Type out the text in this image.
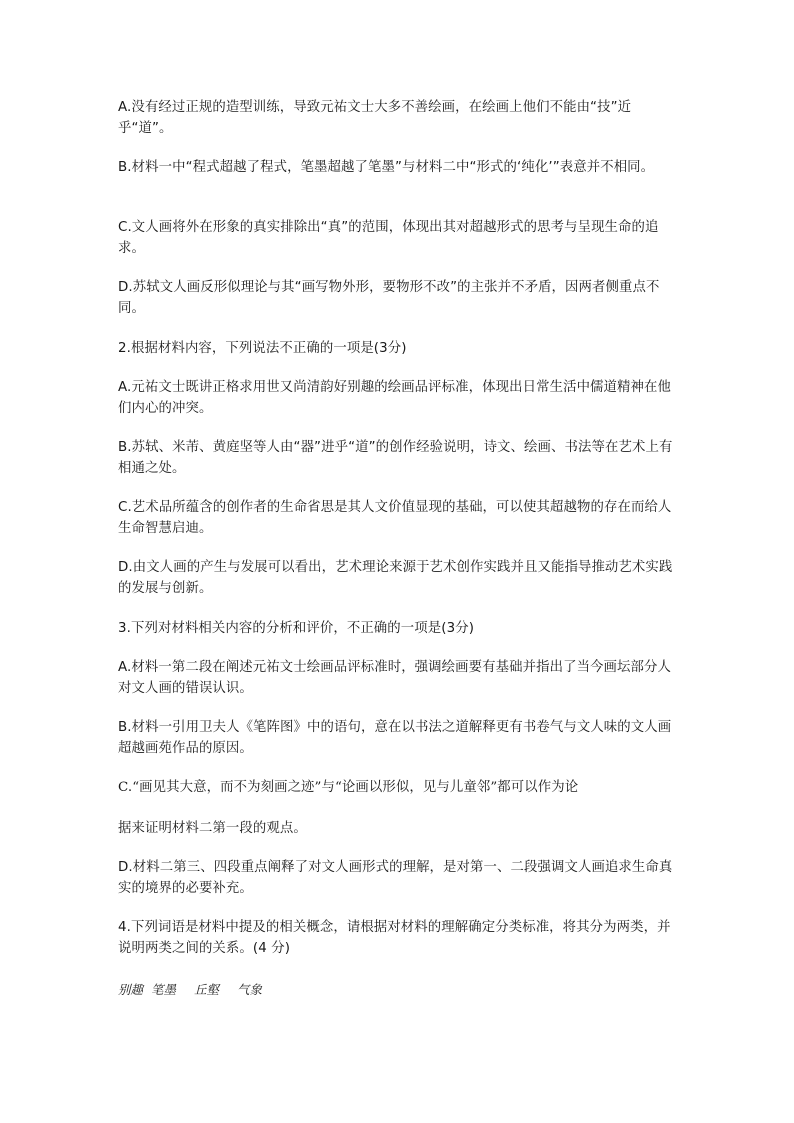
A.没有经过正规的造型训练，导致元祐文士大多不善绘画，在绘画上他们不能由“技”近乎“道”。

B.材料一中“程式超越了程式，笔墨超越了笔墨”与材料二中“形式的‘纯化’”表意并不相同。

C.文人画将外在形象的真实排除出“真”的范围，体现出其对超越形式的思考与呈现生命的追求。

D.苏轼文人画反形似理论与其“画写物外形，要物形不改”的主张并不矛盾，因两者侧重点不同。

2.根据材料内容，下列说法不正确的一项是(3分)

A.元祐文士既讲正格求用世又尚清韵好别趣的绘画品评标准，体现出日常生活中儒道精神在他们内心的冲突。

B.苏轼、米芾、黄庭坚等人由“器”进乎“道”的创作经验说明，诗文、绘画、书法等在艺术上有相通之处。

C.艺术品所蕴含的创作者的生命省思是其人文价值显现的基础，可以使其超越物的存在而给人生命智慧启迪。

D.由文人画的产生与发展可以看出，艺术理论来源于艺术创作实践并且又能指导推动艺术实践的发展与创新。

3.下列对材料相关内容的分析和评价，不正确的一项是(3分)

A.材料一第二段在阐述元祐文士绘画品评标准时，强调绘画要有基础并指出了当今画坛部分人对文人画的错误认识。

B.材料一引用卫夫人《笔阵图》中的语句，意在以书法之道解释更有书卷气与文人味的文人画超越画苑作品的原因。

C.“画见其大意，而不为刻画之迹”与“论画以形似，见与儿童邻”都可以作为论

据来证明材料二第一段的观点。

D.材料二第三、四段重点阐释了对文人画形式的理解，是对第一、二段强调文人画追求生命真实的境界的必要补充。

4.下列词语是材料中提及的相关概念，请根据对材料的理解确定分类标准，将其分为两类，并说明两类之间的关系。(4 分)

别趣 笔墨 丘壑 气象
